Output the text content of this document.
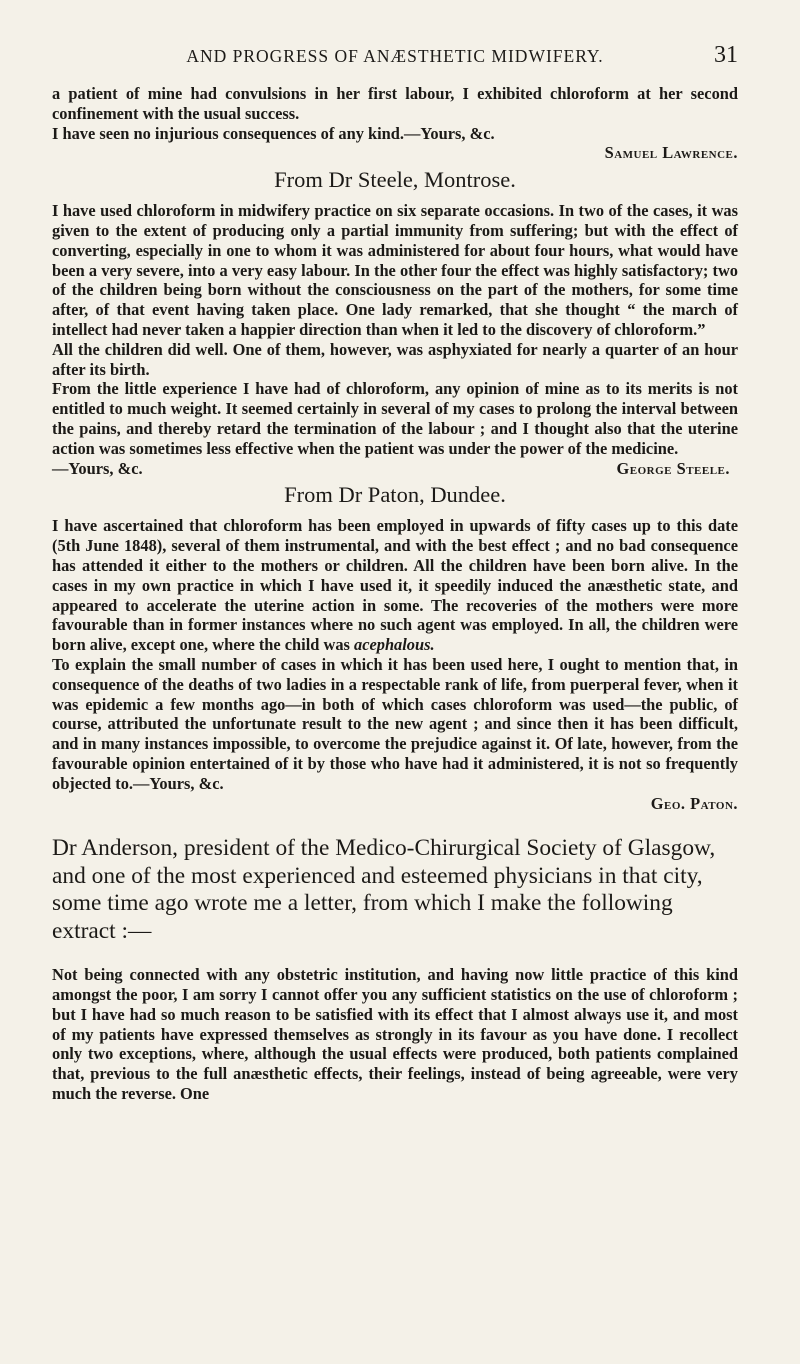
AND PROGRESS OF ANÆSTHETIC MIDWIFERY.	31

a patient of mine had convulsions in her first labour, I exhibited chloroform at her second confinement with the usual success.

I have seen no injurious consequences of any kind.—Yours, &c.

Samuel Lawrence.

From Dr Steele, Montrose.

I have used chloroform in midwifery practice on six separate occasions. In two of the cases, it was given to the extent of producing only a partial immunity from suffering; but with the effect of converting, especially in one to whom it was administered for about four hours, what would have been a very severe, into a very easy labour. In the other four the effect was highly satisfactory; two of the children being born without the consciousness on the part of the mothers, for some time after, of that event having taken place. One lady remarked, that she thought “ the march of intellect had never taken a happier direction than when it led to the discovery of chloroform.”

All the children did well. One of them, however, was asphyxiated for nearly a quarter of an hour after its birth.

From the little experience I have had of chloroform, any opinion of mine as to its merits is not entitled to much weight. It seemed certainly in several of my cases to prolong the interval between the pains, and thereby retard the termination of the labour ; and I thought also that the uterine action was sometimes less effective when the patient was under the power of the medicine.

—Yours, &c.	George Steele.

From Dr Paton, Dundee.

I have ascertained that chloroform has been employed in upwards of fifty cases up to this date (5th June 1848), several of them instrumental, and with the best effect ; and no bad consequence has attended it either to the mothers or children. All the children have been born alive. In the cases in my own practice in which I have used it, it speedily induced the anæsthetic state, and appeared to accelerate the uterine action in some. The recoveries of the mothers were more favourable than in former instances where no such agent was employed. In all, the children were born alive, except one, where the child was acephalous.

To explain the small number of cases in which it has been used here, I ought to mention that, in consequence of the deaths of two ladies in a respectable rank of life, from puerperal fever, when it was epidemic a few months ago—in both of which cases chloroform was used—the public, of course, attributed the unfortunate result to the new agent ; and since then it has been difficult, and in many instances impossible, to overcome the prejudice against it. Of late, however, from the favourable opinion entertained of it by those who have had it administered, it is not so frequently objected to.—Yours, &c.

Geo. Paton.

Dr Anderson, president of the Medico-Chirurgical Society of Glasgow, and one of the most experienced and esteemed physicians in that city, some time ago wrote me a letter, from which I make the following extract :—

Not being connected with any obstetric institution, and having now little practice of this kind amongst the poor, I am sorry I cannot offer you any sufficient statistics on the use of chloroform ; but I have had so much reason to be satisfied with its effect that I almost always use it, and most of my patients have expressed themselves as strongly in its favour as you have done. I recollect only two exceptions, where, although the usual effects were produced, both patients complained that, previous to the full anæsthetic effects, their feelings, instead of being agreeable, were very much the reverse. One
